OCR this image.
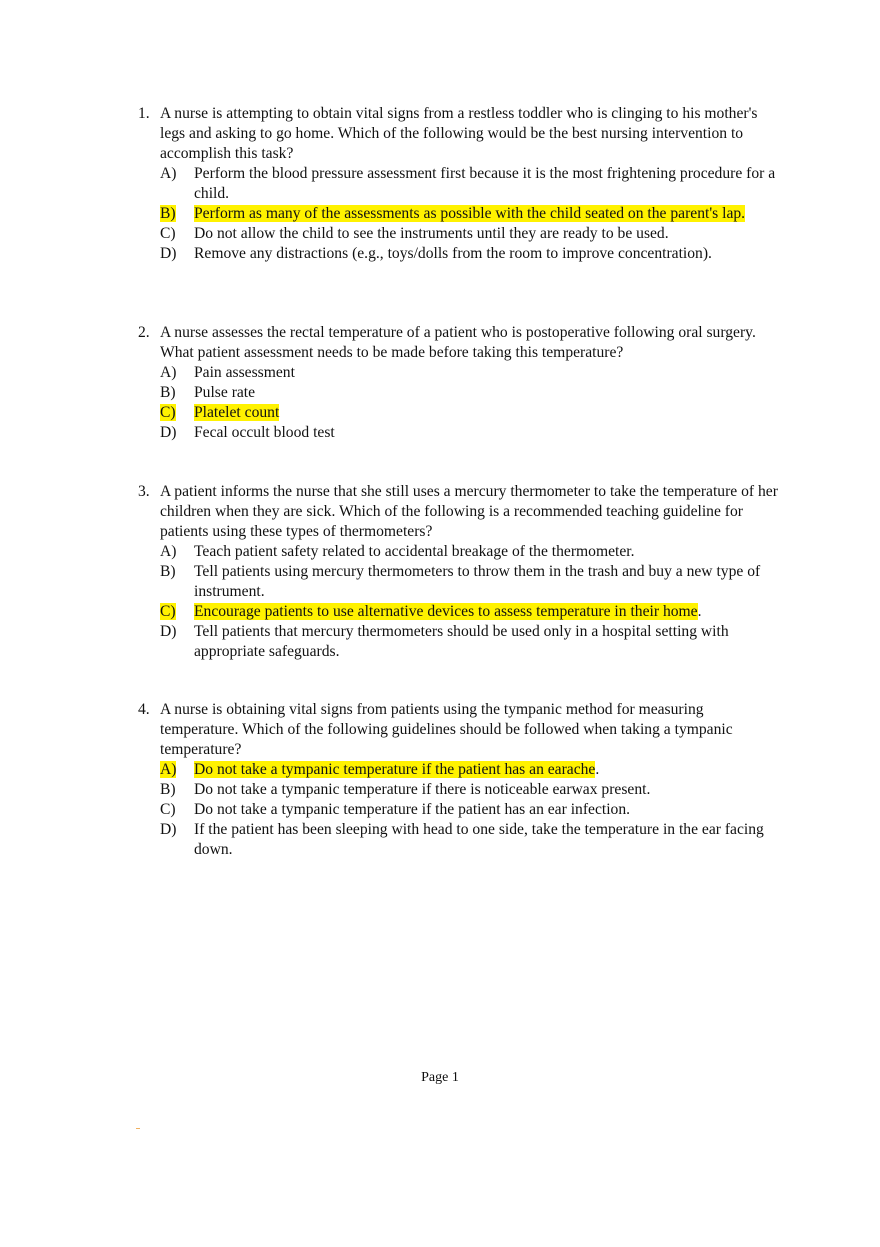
1. A nurse is attempting to obtain vital signs from a restless toddler who is clinging to his mother's legs and asking to go home. Which of the following would be the best nursing intervention to accomplish this task?
A)	Perform the blood pressure assessment first because it is the most frightening procedure for a child.
B)	Perform as many of the assessments as possible with the child seated on the parent's lap.
C)	Do not allow the child to see the instruments until they are ready to be used.
D)	Remove any distractions (e.g., toys/dolls from the room to improve concentration).
2. A nurse assesses the rectal temperature of a patient who is postoperative following oral surgery. What patient assessment needs to be made before taking this temperature?
A)	Pain assessment
B)	Pulse rate
C)	Platelet count
D)	Fecal occult blood test
3. A patient informs the nurse that she still uses a mercury thermometer to take the temperature of her children when they are sick. Which of the following is a recommended teaching guideline for patients using these types of thermometers?
A)	Teach patient safety related to accidental breakage of the thermometer.
B)	Tell patients using mercury thermometers to throw them in the trash and buy a new type of instrument.
C)	Encourage patients to use alternative devices to assess temperature in their home.
D)	Tell patients that mercury thermometers should be used only in a hospital setting with appropriate safeguards.
4. A nurse is obtaining vital signs from patients using the tympanic method for measuring temperature. Which of the following guidelines should be followed when taking a tympanic temperature?
A)	Do not take a tympanic temperature if the patient has an earache.
B)	Do not take a tympanic temperature if there is noticeable earwax present.
C)	Do not take a tympanic temperature if the patient has an ear infection.
D)	If the patient has been sleeping with head to one side, take the temperature in the ear facing down.
Page 1
